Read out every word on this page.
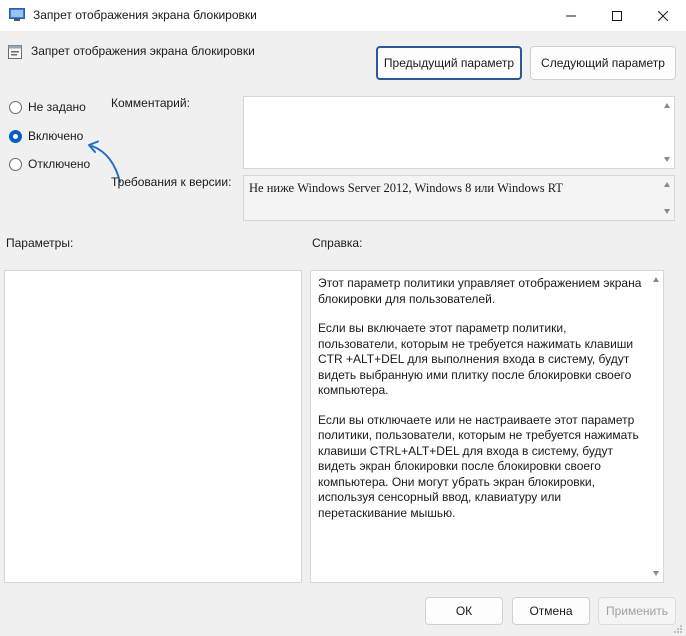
Запрет отображения экрана блокировки
Запрет отображения экрана блокировки
Предыдущий параметр	Следующий параметр
Не задано
Включено
Отключено
Комментарий:
Требования к версии: Не ниже Windows Server 2012, Windows 8 или Windows RT
Параметры:	Справка:

Этот параметр политики управляет отображением экрана блокировки для пользователей.

Если вы включаете этот параметр политики, пользователи, которым не требуется нажимать клавиши CTR +ALT+DEL для выполнения входа в систему, будут видеть выбранную ими плитку после блокировки своего компьютера.

Если вы отключаете или не настраиваете этот параметр политики, пользователи, которым не требуется нажимать клавиши CTRL+ALT+DEL для входа в систему, будут видеть экран блокировки после блокировки своего компьютера. Они могут убрать экран блокировки, используя сенсорный ввод, клавиатуру или перетаскивание мышью.

ОК	Отмена	Применить
